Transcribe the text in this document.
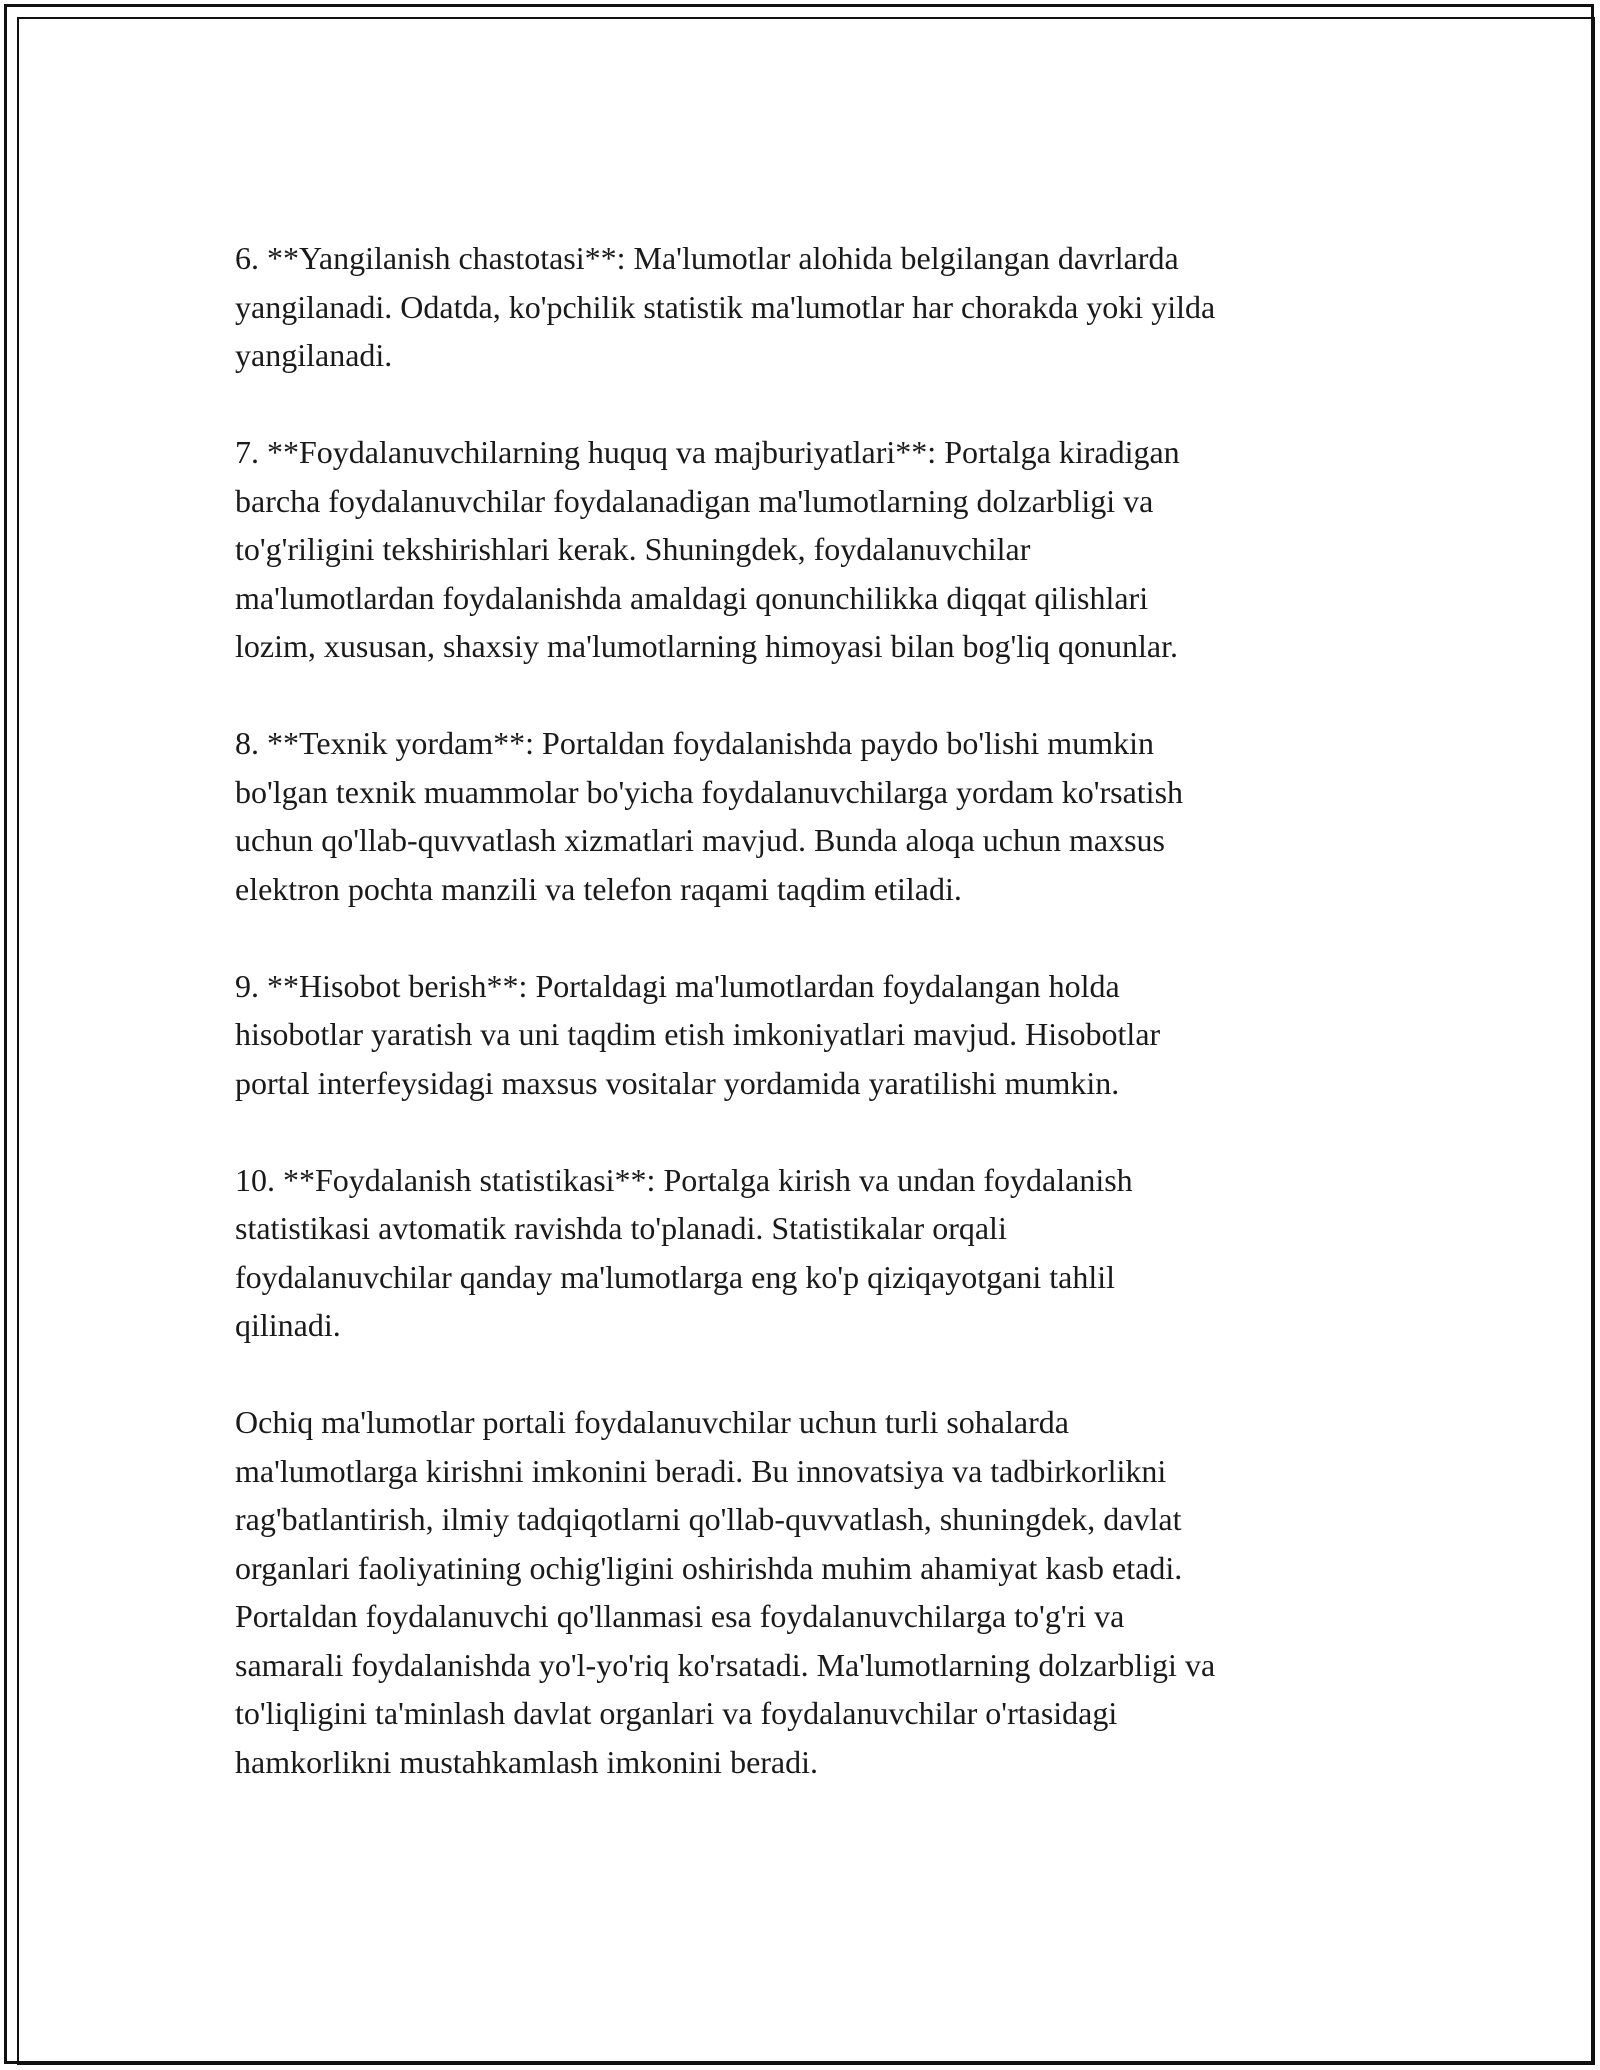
6. **Yangilanish chastotasi**: Ma'lumotlar alohida belgilangan davrlarda
yangilanadi. Odatda, ko'pchilik statistik ma'lumotlar har chorakda yoki yilda
yangilanadi.

7. **Foydalanuvchilarning huquq va majburiyatlari**: Portalga kiradigan
barcha foydalanuvchilar foydalanadigan ma'lumotlarning dolzarbligi va
to'g'riligini tekshirishlari kerak. Shuningdek, foydalanuvchilar
ma'lumotlardan foydalanishda amaldagi qonunchilikka diqqat qilishlari
lozim, xususan, shaxsiy ma'lumotlarning himoyasi bilan bog'liq qonunlar.

8. **Texnik yordam**: Portaldan foydalanishda paydo bo'lishi mumkin
bo'lgan texnik muammolar bo'yicha foydalanuvchilarga yordam ko'rsatish
uchun qo'llab-quvvatlash xizmatlari mavjud. Bunda aloqa uchun maxsus
elektron pochta manzili va telefon raqami taqdim etiladi.

9. **Hisobot berish**: Portaldagi ma'lumotlardan foydalangan holda
hisobotlar yaratish va uni taqdim etish imkoniyatlari mavjud. Hisobotlar
portal interfeysidagi maxsus vositalar yordamida yaratilishi mumkin.

10. **Foydalanish statistikasi**: Portalga kirish va undan foydalanish
statistikasi avtomatik ravishda to'planadi. Statistikalar orqali
foydalanuvchilar qanday ma'lumotlarga eng ko'p qiziqayotgani tahlil
qilinadi.

Ochiq ma'lumotlar portali foydalanuvchilar uchun turli sohalarda
ma'lumotlarga kirishni imkonini beradi. Bu innovatsiya va tadbirkorlikni
rag'batlantirish, ilmiy tadqiqotlarni qo'llab-quvvatlash, shuningdek, davlat
organlari faoliyatining ochig'ligini oshirishda muhim ahamiyat kasb etadi.
Portaldan foydalanuvchi qo'llanmasi esa foydalanuvchilarga to'g'ri va
samarali foydalanishda yo'l-yo'riq ko'rsatadi. Ma'lumotlarning dolzarbligi va
to'liqligini ta'minlash davlat organlari va foydalanuvchilar o'rtasidagi
hamkorlikni mustahkamlash imkonini beradi.
